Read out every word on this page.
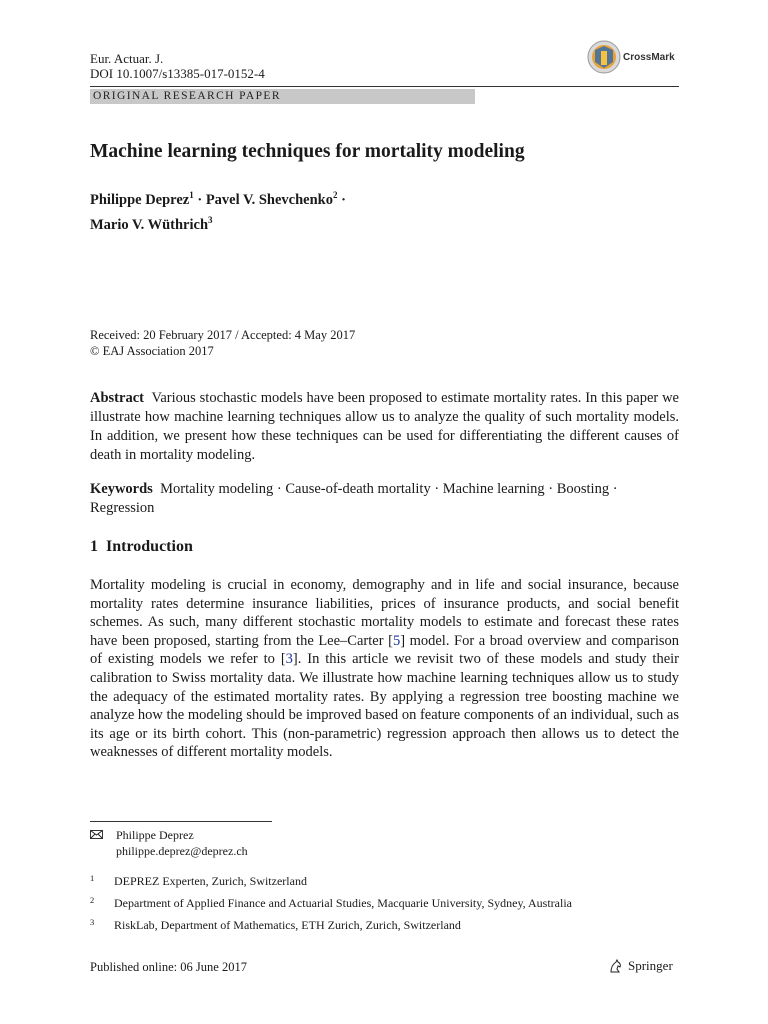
Eur. Actuar. J.
DOI 10.1007/s13385-017-0152-4
CrossMark
ORIGINAL RESEARCH PAPER
Machine learning techniques for mortality modeling
Philippe Deprez$^1$ · Pavel V. Shevchenko$^2$ ·
Mario V. Wüthrich$^3$
Received: 20 February 2017 / Accepted: 4 May 2017
© EAJ Association 2017
Abstract Various stochastic models have been proposed to estimate mortality rates. In this paper we illustrate how machine learning techniques allow us to analyze the quality of such mortality models. In addition, we present how these techniques can be used for differentiating the different causes of death in mortality modeling.
Keywords Mortality modeling · Cause-of-death mortality · Machine learning · Boosting · Regression
1 Introduction
Mortality modeling is crucial in economy, demography and in life and social insurance, because mortality rates determine insurance liabilities, prices of insurance products, and social benefit schemes. As such, many different stochastic mortality models to estimate and forecast these rates have been proposed, starting from the Lee–Carter [5] model. For a broad overview and comparison of existing models we refer to [3]. In this article we revisit two of these models and study their calibration to Swiss mortality data. We illustrate how machine learning techniques allow us to study the adequacy of the estimated mortality rates. By applying a regression tree boosting machine we analyze how the modeling should be improved based on feature components of an individual, such as its age or its birth cohort. This (non-parametric) regression approach then allows us to detect the weaknesses of different mortality models.
Philippe Deprez
philippe.deprez@deprez.ch
1 DEPREZ Experten, Zurich, Switzerland
2 Department of Applied Finance and Actuarial Studies, Macquarie University, Sydney, Australia
3 RiskLab, Department of Mathematics, ETH Zurich, Zurich, Switzerland
Published online: 06 June 2017	Springer
